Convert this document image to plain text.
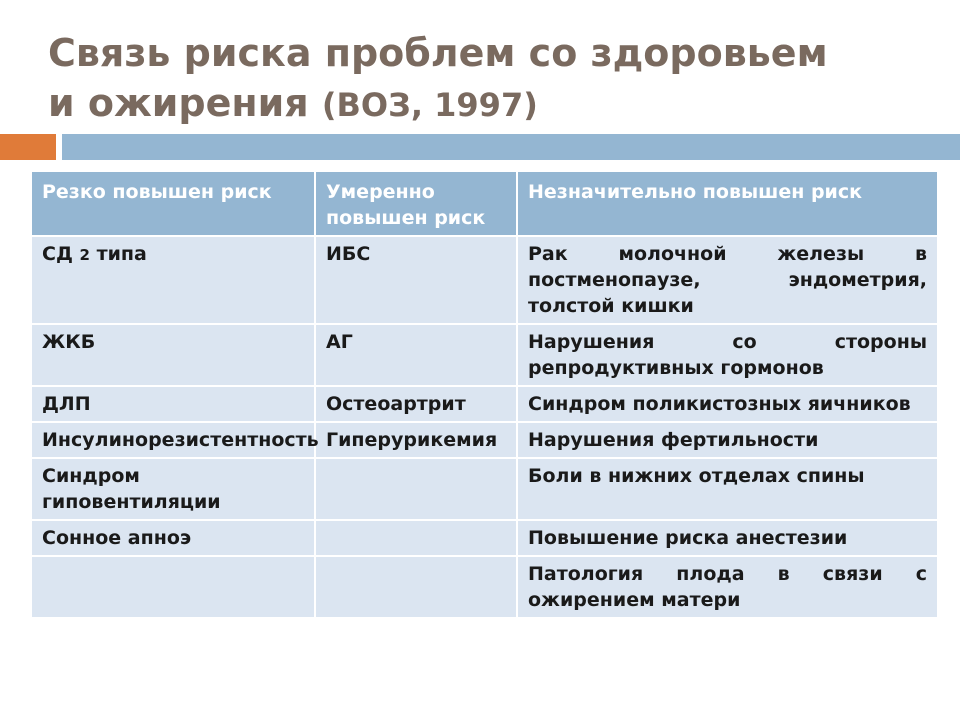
Связь риска проблем со здоровьем
и ожирения (ВОЗ, 1997)
Резко повышен риск	Умеренно повышен риск	Незначительно повышен риск
СД 2 типа	ИБС	Рак молочной железы в постменопаузе, эндометрия, толстой кишки
ЖКБ	АГ	Нарушения со стороны репродуктивных гормонов
ДЛП	Остеоартрит	Синдром поликистозных яичников
Инсулинорезистентность	Гиперурикемия	Нарушения фертильности
Синдром гиповентиляции		Боли в нижних отделах спины
Сонное апноэ		Повышение риска анестезии
		Патология плода в связи с ожирением матери
